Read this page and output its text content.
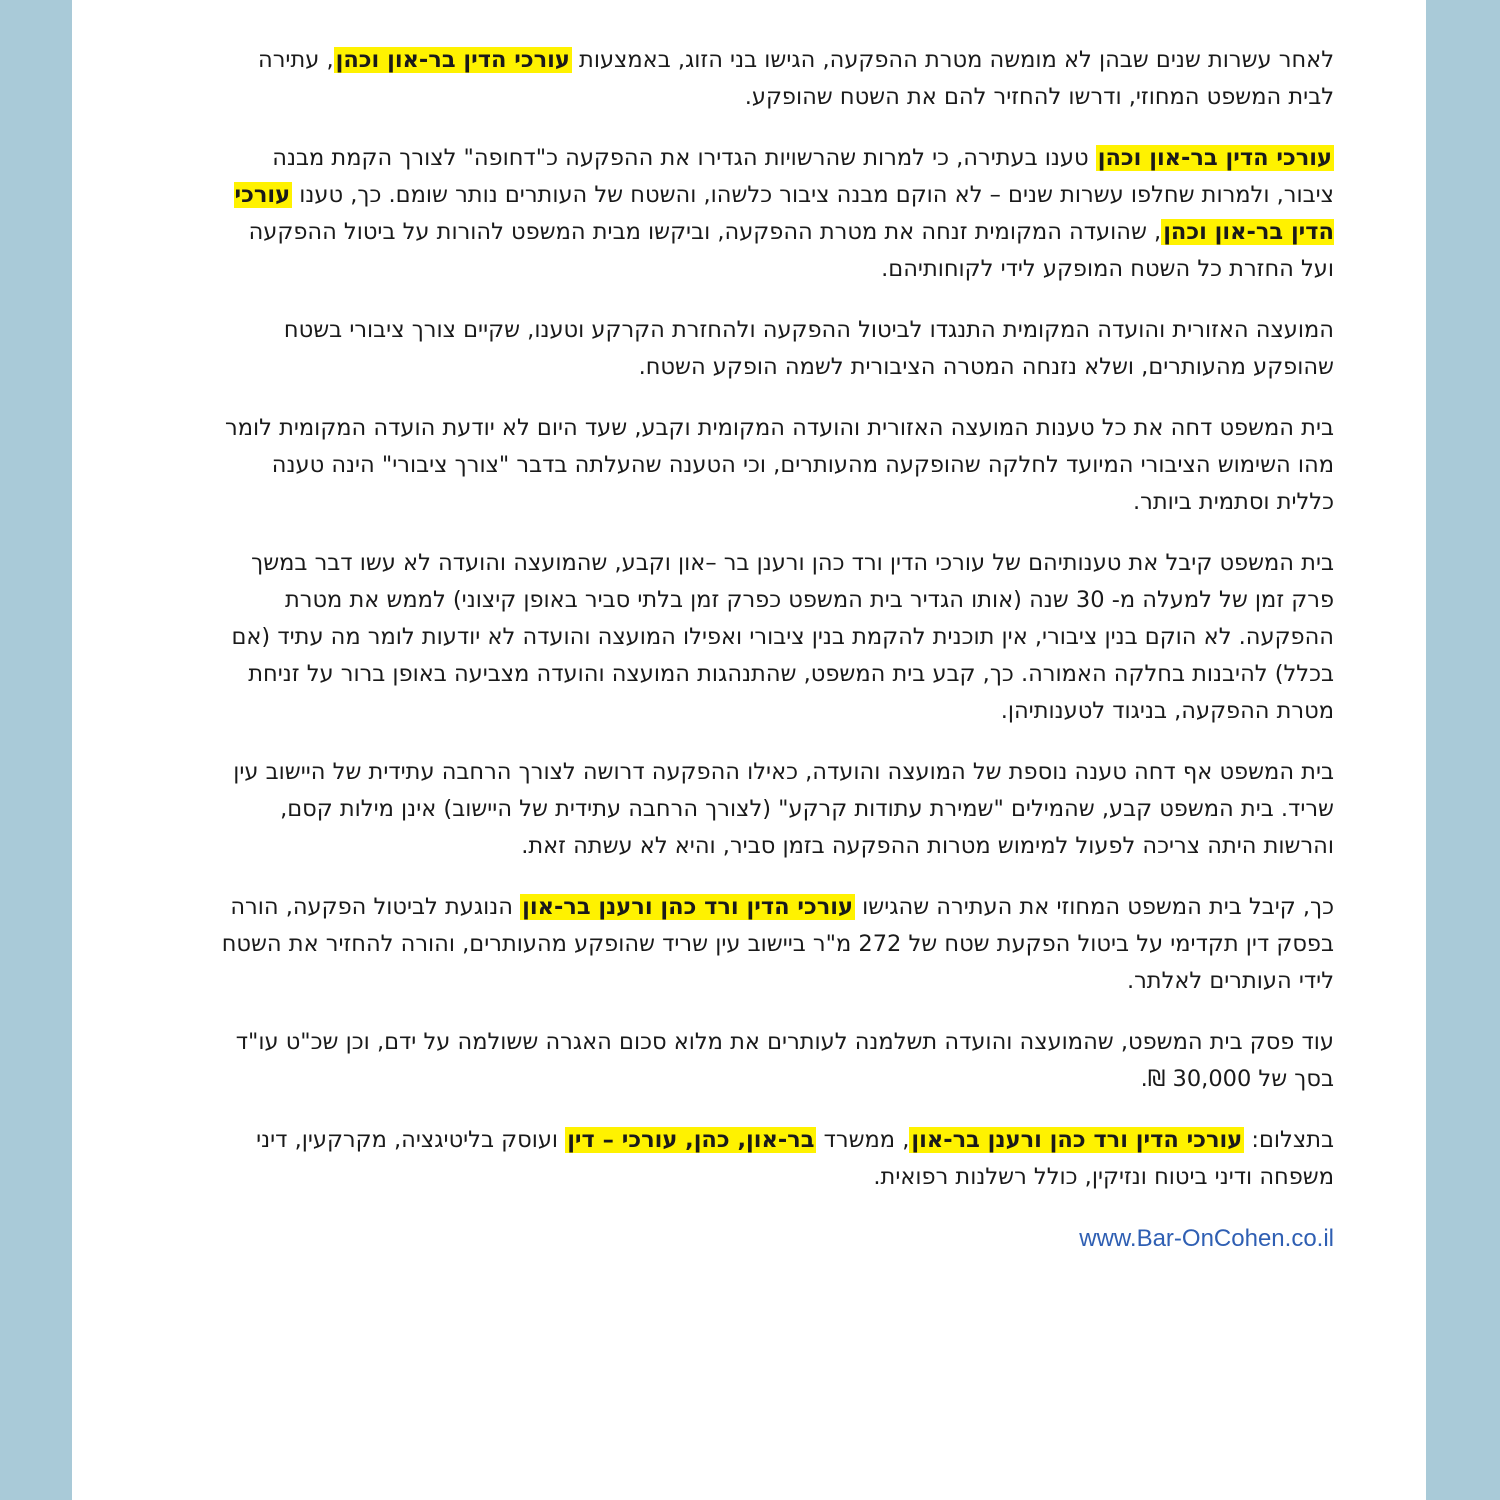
לאחר עשרות שנים שבהן לא מומשה מטרת ההפקעה, הגישו בני הזוג, באמצעות עורכי הדין בר-און וכהן, עתירה לבית המשפט המחוזי, ודרשו להחזיר להם את השטח שהופקע.

עורכי הדין בר-און וכהן טענו בעתירה, כי למרות שהרשויות הגדירו את ההפקעה כ"דחופה" לצורך הקמת מבנה ציבור, ולמרות שחלפו עשרות שנים – לא הוקם מבנה ציבור כלשהו, והשטח של העותרים נותר שומם. כך, טענו עורכי הדין בר-און וכהן, שהועדה המקומית זנחה את מטרת ההפקעה, וביקשו מבית המשפט להורות על ביטול ההפקעה ועל החזרת כל השטח המופקע לידי לקוחותיהם.

המועצה האזורית והועדה המקומית התנגדו לביטול ההפקעה ולהחזרת הקרקע וטענו, שקיים צורך ציבורי בשטח שהופקע מהעותרים, ושלא נזנחה המטרה הציבורית לשמה הופקע השטח.

בית המשפט דחה את כל טענות המועצה האזורית והועדה המקומית וקבע, שעד היום לא יודעת הועדה המקומית לומר מהו השימוש הציבורי המיועד לחלקה שהופקעה מהעותרים, וכי הטענה שהעלתה בדבר "צורך ציבורי" הינה טענה כללית וסתמית ביותר.

בית המשפט קיבל את טענותיהם של עורכי הדין ורד כהן ורענן בר –און וקבע, שהמועצה והועדה לא עשו דבר במשך פרק זמן של למעלה מ- 30 שנה (אותו הגדיר בית המשפט כפרק זמן בלתי סביר באופן קיצוני) לממש את מטרת ההפקעה. לא הוקם בנין ציבורי, אין תוכנית להקמת בנין ציבורי ואפילו המועצה והועדה לא יודעות לומר מה עתיד (אם בכלל) להיבנות בחלקה האמורה. כך, קבע בית המשפט, שהתנהגות המועצה והועדה מצביעה באופן ברור על זניחת מטרת ההפקעה, בניגוד לטענותיהן.

בית המשפט אף דחה טענה נוספת של המועצה והועדה, כאילו ההפקעה דרושה לצורך הרחבה עתידית של היישוב עין שריד. בית המשפט קבע, שהמילים "שמירת עתודות קרקע" (לצורך הרחבה עתידית של היישוב) אינן מילות קסם, והרשות היתה צריכה לפעול למימוש מטרות ההפקעה בזמן סביר, והיא לא עשתה זאת.

כך, קיבל בית המשפט המחוזי את העתירה שהגישו עורכי הדין ורד כהן ורענן בר-און הנוגעת לביטול הפקעה, הורה בפסק דין תקדימי על ביטול הפקעת שטח של 272 מ"ר ביישוב עין שריד שהופקע מהעותרים, והורה להחזיר את השטח לידי העותרים לאלתר.

עוד פסק בית המשפט, שהמועצה והועדה תשלמנה לעותרים את מלוא סכום האגרה ששולמה על ידם, וכן שכ"ט עו"ד בסך של 30,000 ₪.

בתצלום: עורכי הדין ורד כהן ורענן בר-און, ממשרד בר-און, כהן, עורכי – דין ועוסק בליטיגציה, מקרקעין, דיני משפחה ודיני ביטוח ונזיקין, כולל רשלנות רפואית.

www.Bar-OnCohen.co.il
